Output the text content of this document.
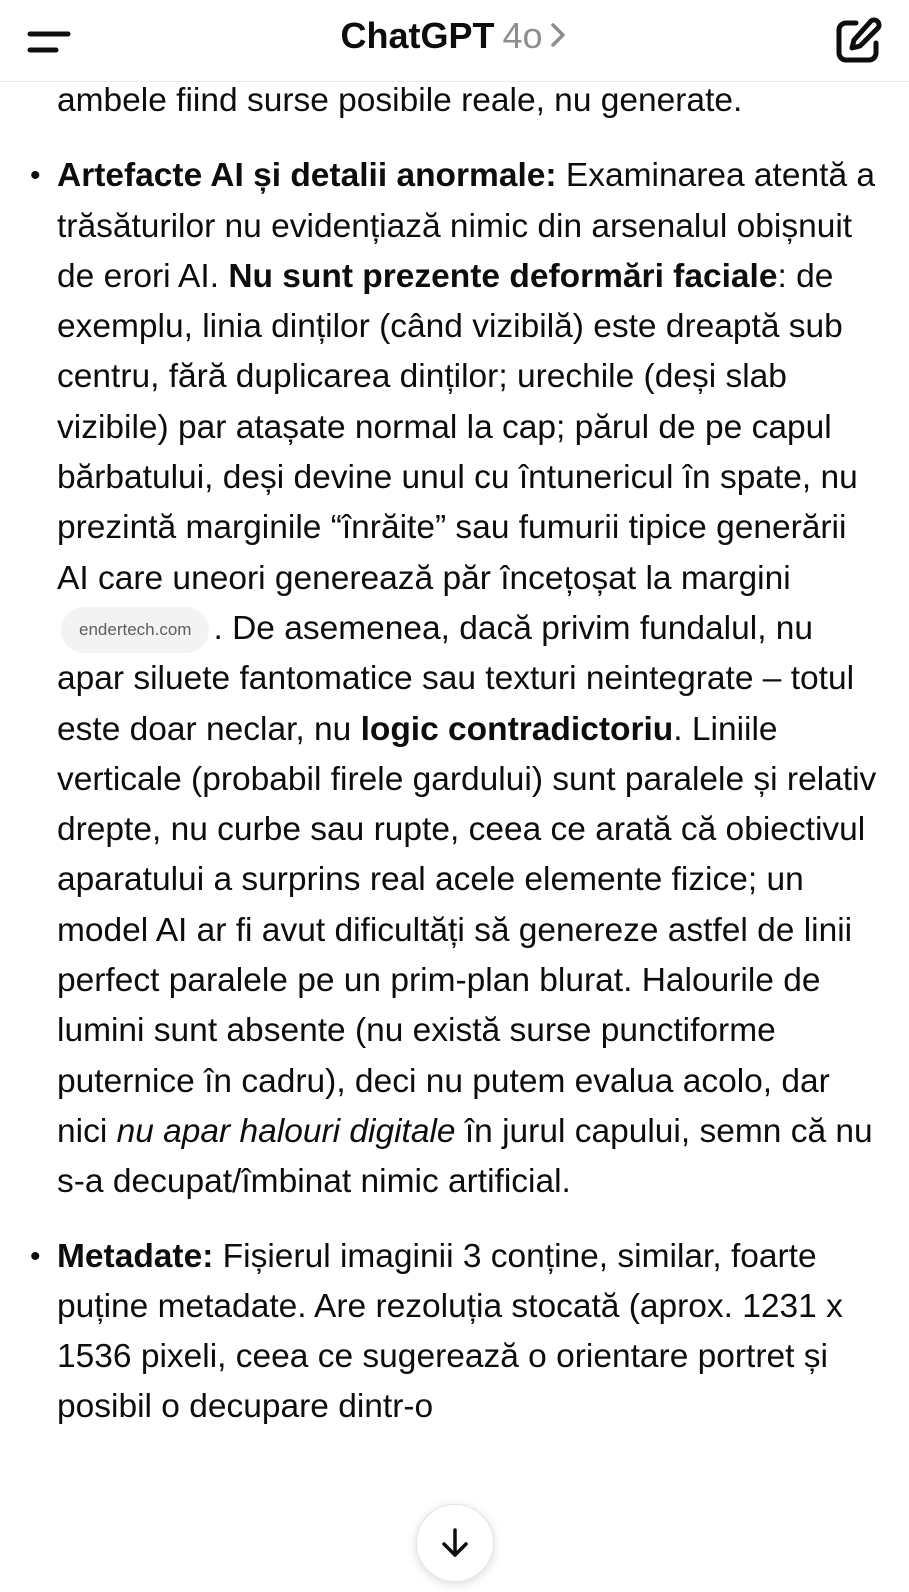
ChatGPT 4o

ambele fiind surse posibile reale, nu generate.

• Artefacte AI și detalii anormale: Examinarea atentă a trăsăturilor nu evidențiază nimic din arsenalul obișnuit de erori AI. Nu sunt prezente deformări faciale: de exemplu, linia dinților (când vizibilă) este dreaptă sub centru, fără duplicarea dinților; urechile (deși slab vizibile) par atașate normal la cap; părul de pe capul bărbatului, deși devine unul cu întunericul în spate, nu prezintă marginile “înrăite” sau fumurii tipice generării AI care uneori generează păr încețoșat la margini endertech.com . De asemenea, dacă privim fundalul, nu apar siluete fantomatice sau texturi neintegrate – totul este doar neclar, nu logic contradictoriu. Liniile verticale (probabil firele gardului) sunt paralele și relativ drepte, nu curbe sau rupte, ceea ce arată că obiectivul aparatului a surprins real acele elemente fizice; un model AI ar fi avut dificultăți să genereze astfel de linii perfect paralele pe un prim-plan blurat. Halourile de lumini sunt absente (nu există surse punctiforme puternice în cadru), deci nu putem evalua acolo, dar nici nu apar halouri digitale în jurul capului, semn că nu s-a decupat/îmbinat nimic artificial.
• Metadate: Fișierul imaginii 3 conține, similar, foarte puține metadate. Are rezoluția stocată (aprox. 1231 x 1536 pixeli, ceea ce sugerează o orientare portret și posibil o decupare dintr-o
